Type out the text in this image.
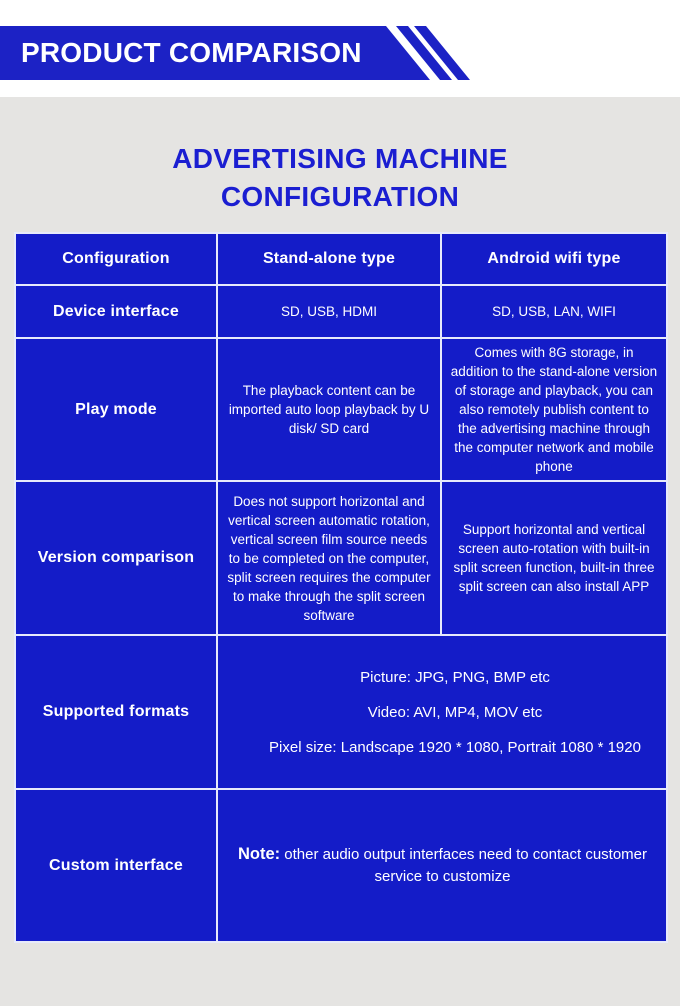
PRODUCT COMPARISON
ADVERTISING MACHINE
CONFIGURATION
Configuration	Stand-alone type	Android wifi type
Device interface	SD, USB, HDMI	SD, USB, LAN, WIFI

Play mode	The playback content can be imported auto loop playback by U disk/ SD card	Comes with 8G storage, in addition to the stand-alone version of storage and playback, you can also remotely publish content to the advertising machine through the computer network and mobile phone

Version comparison	Does not support horizontal and vertical screen automatic rotation, vertical screen film source needs to be completed on the computer, split screen requires the computer to make through the split screen software	Support horizontal and vertical screen auto-rotation with built-in split screen function, built-in three split screen can also install APP

Supported formats	Picture: JPG, PNG, BMP etc
Video: AVI, MP4, MOV etc
Pixel size: Landscape 1920 * 1080, Portrait 1080 * 1920	

Custom interface	Note: other audio output interfaces need to contact customer service to customize	
